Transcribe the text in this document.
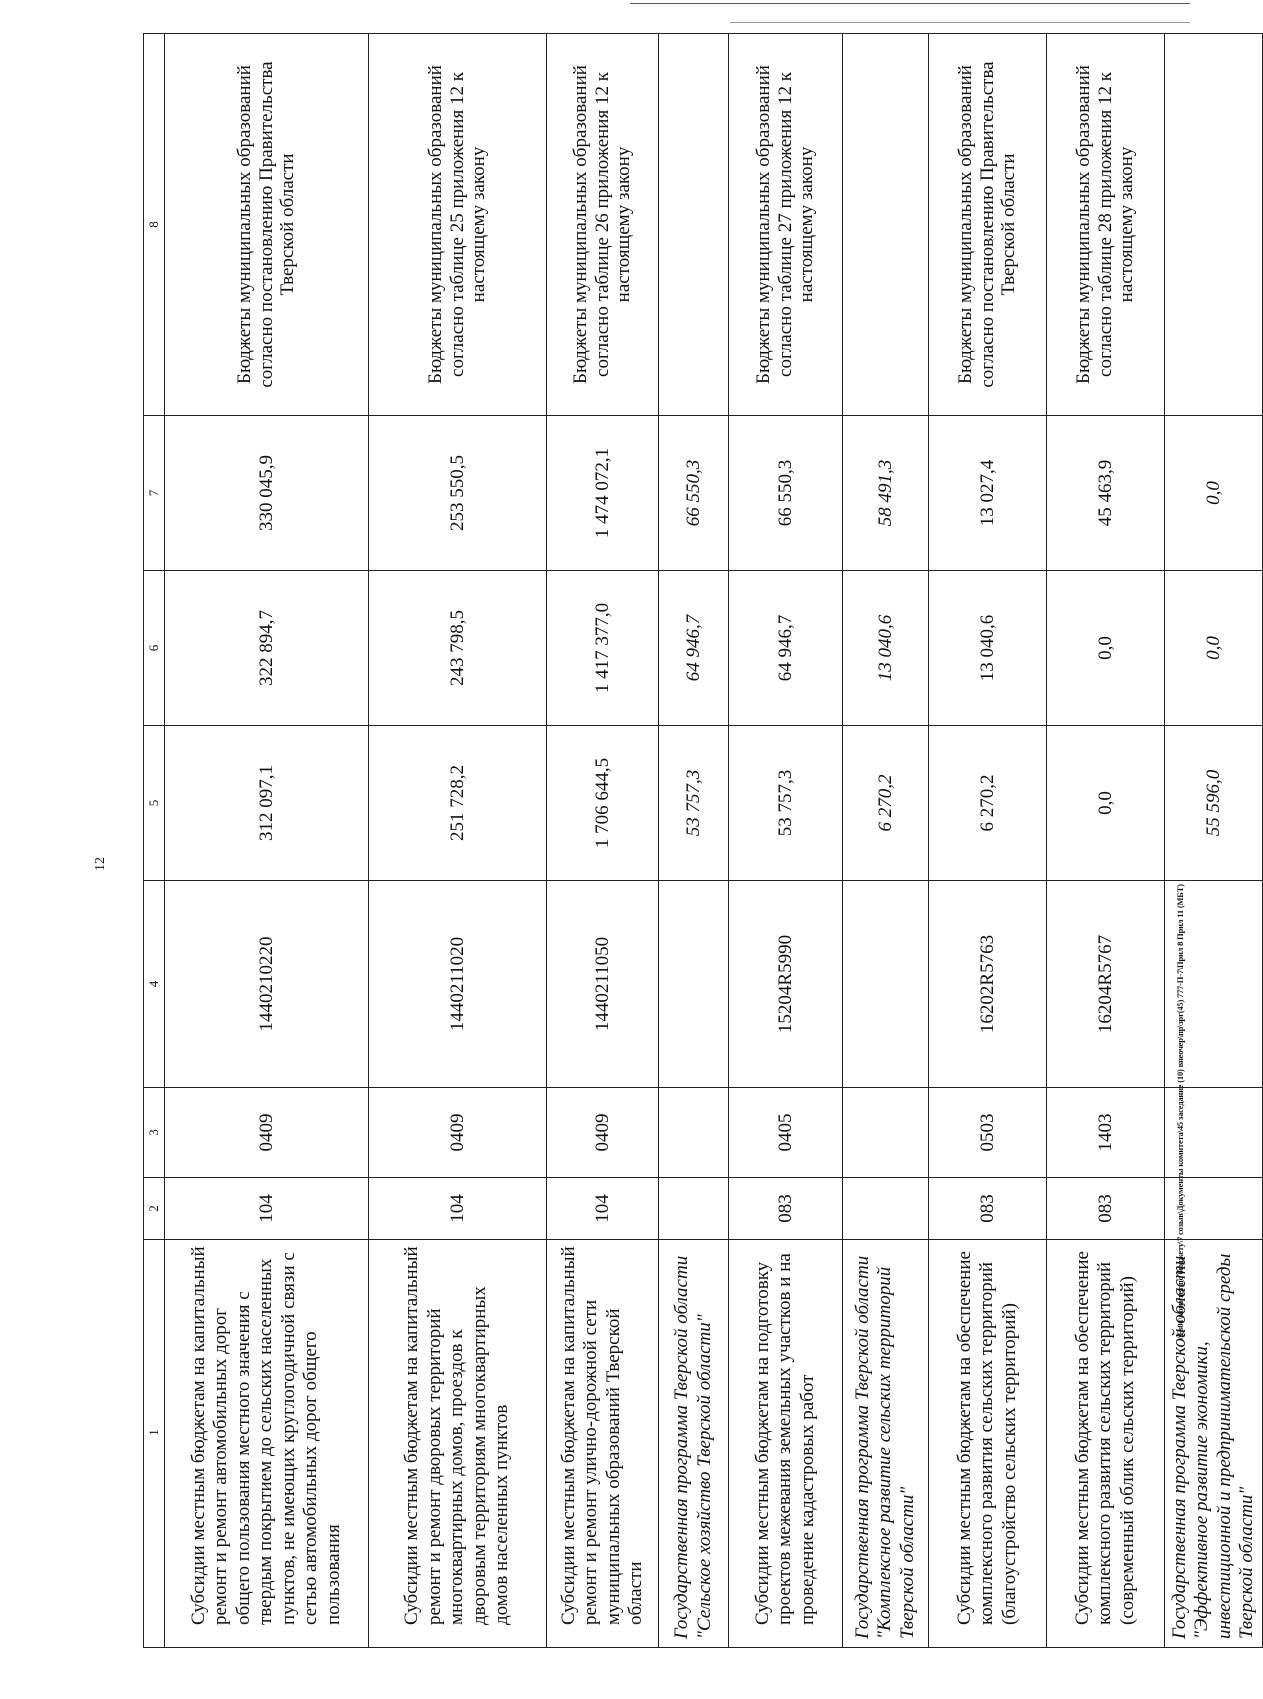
12
1	2	3	4	5	6	7	8
Субсидии местным бюджетам на капитальный ремонт и ремонт автомобильных дорог общего пользования местного значения с твердым покрытием до сельских населенных пунктов, не имеющих круглогодичной связи с сетью автомобильных дорог общего пользования	104	0409	1440210220	312 097,1	322 894,7	330 045,9	Бюджеты муниципальных образований согласно постановлению Правительства Тверской области
Субсидии местным бюджетам на капитальный ремонт и ремонт дворовых территорий многоквартирных домов, проездов к дворовым территориям многоквартирных домов населенных пунктов	104	0409	1440211020	251 728,2	243 798,5	253 550,5	Бюджеты муниципальных образований согласно таблице 25 приложения 12 к настоящему закону
Субсидии местным бюджетам на капитальный ремонт и ремонт улично-дорожной сети муниципальных образований Тверской области	104	0409	1440211050	1 706 644,5	1 417 377,0	1 474 072,1	Бюджеты муниципальных образований согласно таблице 26 приложения 12 к настоящему закону
Государственная программа Тверской области "Сельское хозяйство Тверской области"				53 757,3	64 946,7	66 550,3	
Субсидии местным бюджетам на подготовку проектов межевания земельных участков и на проведение кадастровых работ	083	0405	15204R5990	53 757,3	64 946,7	66 550,3	Бюджеты муниципальных образований согласно таблице 27 приложения 12 к настоящему закону
Государственная программа Тверской области "Комплексное развитие сельских территорий Тверской области"				6 270,2	13 040,6	58 491,3	
Субсидии местным бюджетам на обеспечение комплексного развития сельских территорий (благоустройство сельских территорий)	083	0503	16202R5763	6 270,2	13 040,6	13 027,4	Бюджеты муниципальных образований согласно постановлению Правительства Тверской области
Субсидии местным бюджетам на обеспечение комплексного развития сельских территорий (современный облик сельских территорий)	083	1403	16204R5767	0,0	0,0	45 463,9	Бюджеты муниципальных образований согласно таблице 28 приложения 12 к настоящему закону
Государственная программа Тверской области "Эффективное развитие экономики, инвестиционной и предпринимательской среды Тверской области"				55 596,0	0,0	0,0	
\\Fs01\комитет по бюджету\7 созыв\Документы комитета\45 заседание (10) внеочер\пр\зрг(45) 777-П-7\Прил 8 Прил 11 (МБТ)
